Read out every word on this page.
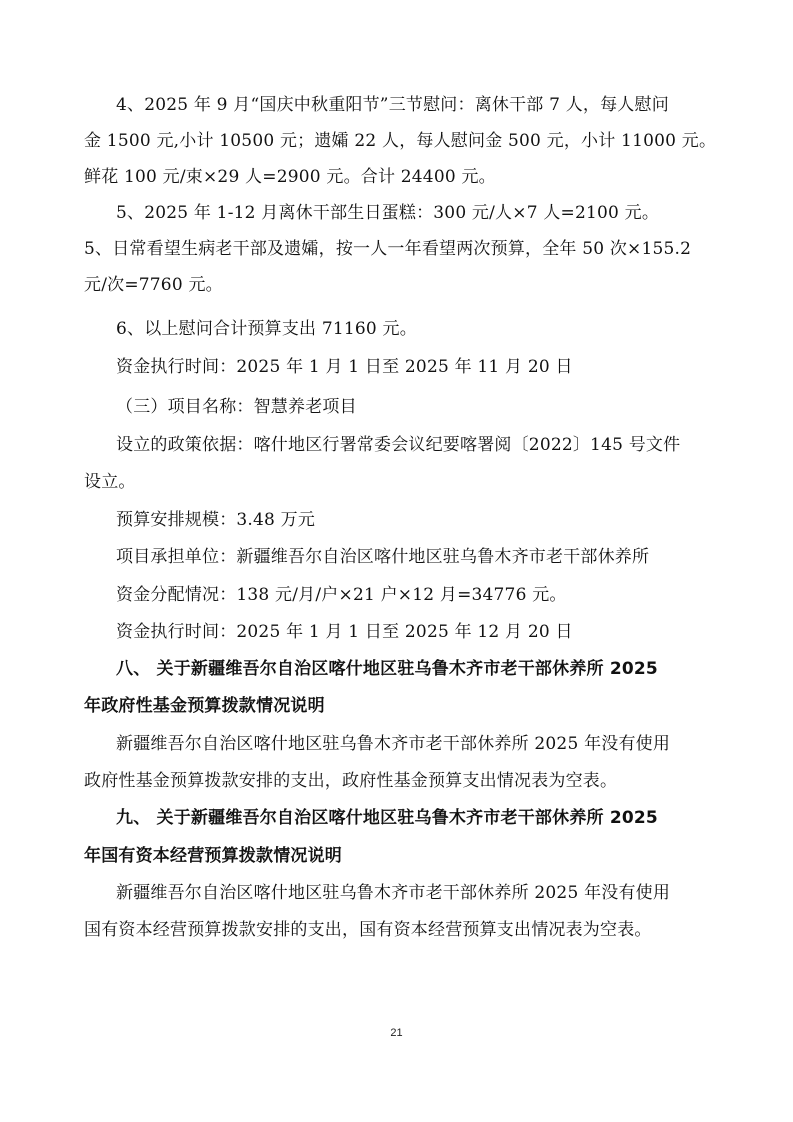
4、2025 年 9 月“国庆中秋重阳节”三节慰问：离休干部 7 人，每人慰问
金 1500 元,小计 10500 元；遗孀 22 人，每人慰问金 500 元，小计 11000 元。
鲜花 100 元/束×29 人=2900 元。合计 24400 元。
5、2025 年 1-12 月离休干部生日蛋糕：300 元/人×7 人=2100 元。
5、日常看望生病老干部及遗孀，按一人一年看望两次预算，全年 50 次×155.2
元/次=7760 元。
6、以上慰问合计预算支出 71160 元。
资金执行时间：2025 年 1 月 1 日至 2025 年 11 月 20 日
（三）项目名称：智慧养老项目
设立的政策依据：喀什地区行署常委会议纪要喀署阅〔2022〕145 号文件
设立。
预算安排规模：3.48 万元
项目承担单位：新疆维吾尔自治区喀什地区驻乌鲁木齐市老干部休养所
资金分配情况：138 元/月/户×21 户×12 月=34776 元。
资金执行时间：2025 年 1 月 1 日至 2025 年 12 月 20 日
八、 关于新疆维吾尔自治区喀什地区驻乌鲁木齐市老干部休养所 2025
年政府性基金预算拨款情况说明
新疆维吾尔自治区喀什地区驻乌鲁木齐市老干部休养所 2025 年没有使用
政府性基金预算拨款安排的支出，政府性基金预算支出情况表为空表。
九、 关于新疆维吾尔自治区喀什地区驻乌鲁木齐市老干部休养所 2025
年国有资本经营预算拨款情况说明
新疆维吾尔自治区喀什地区驻乌鲁木齐市老干部休养所 2025 年没有使用
国有资本经营预算拨款安排的支出，国有资本经营预算支出情况表为空表。
21
